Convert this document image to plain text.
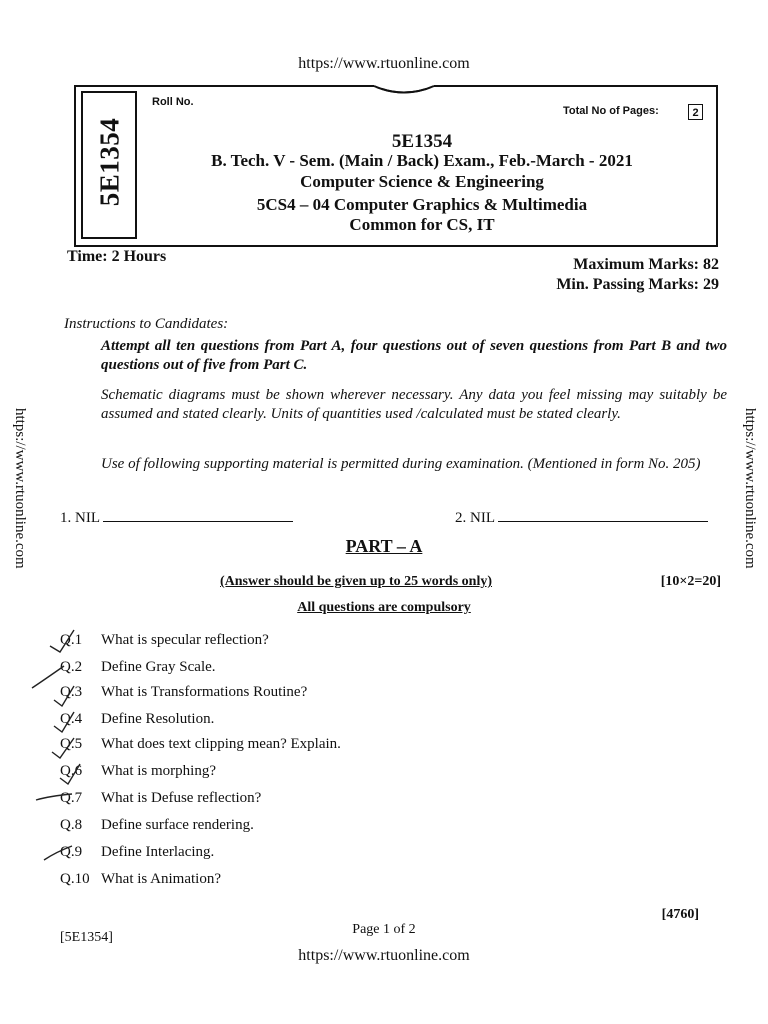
https://www.rtuonline.com
https://www.rtuonline.com	https://www.rtuonline.com
5E1354
Roll No.
Total No of Pages:	2
5E1354
B. Tech. V - Sem. (Main / Back) Exam., Feb.-March - 2021
Computer Science & Engineering
5CS4 – 04 Computer Graphics & Multimedia
Common for CS, IT
Time: 2 Hours	Maximum Marks: 82
Min. Passing Marks: 29
Instructions to Candidates:
Attempt all ten questions from Part A, four questions out of seven questions from Part B and two questions out of five from Part C.
Schematic diagrams must be shown wherever necessary. Any data you feel missing may suitably be assumed and stated clearly. Units of quantities used /calculated must be stated clearly.
Use of following supporting material is permitted during examination. (Mentioned in form No. 205)
1. NIL	2. NIL
PART – A
(Answer should be given up to 25 words only)	[10×2=20]
All questions are compulsory
Q.1 What is specular reflection?
Q.2 Define Gray Scale.
Q.3 What is Transformations Routine?
Q.4 Define Resolution.
Q.5 What does text clipping mean? Explain.
Q.6 What is morphing?
Q.7 What is Defuse reflection?
Q.8 Define surface rendering.
Q.9 Define Interlacing.
Q.10 What is Animation?
[4760]
[5E1354]
Page 1 of 2
https://www.rtuonline.com
